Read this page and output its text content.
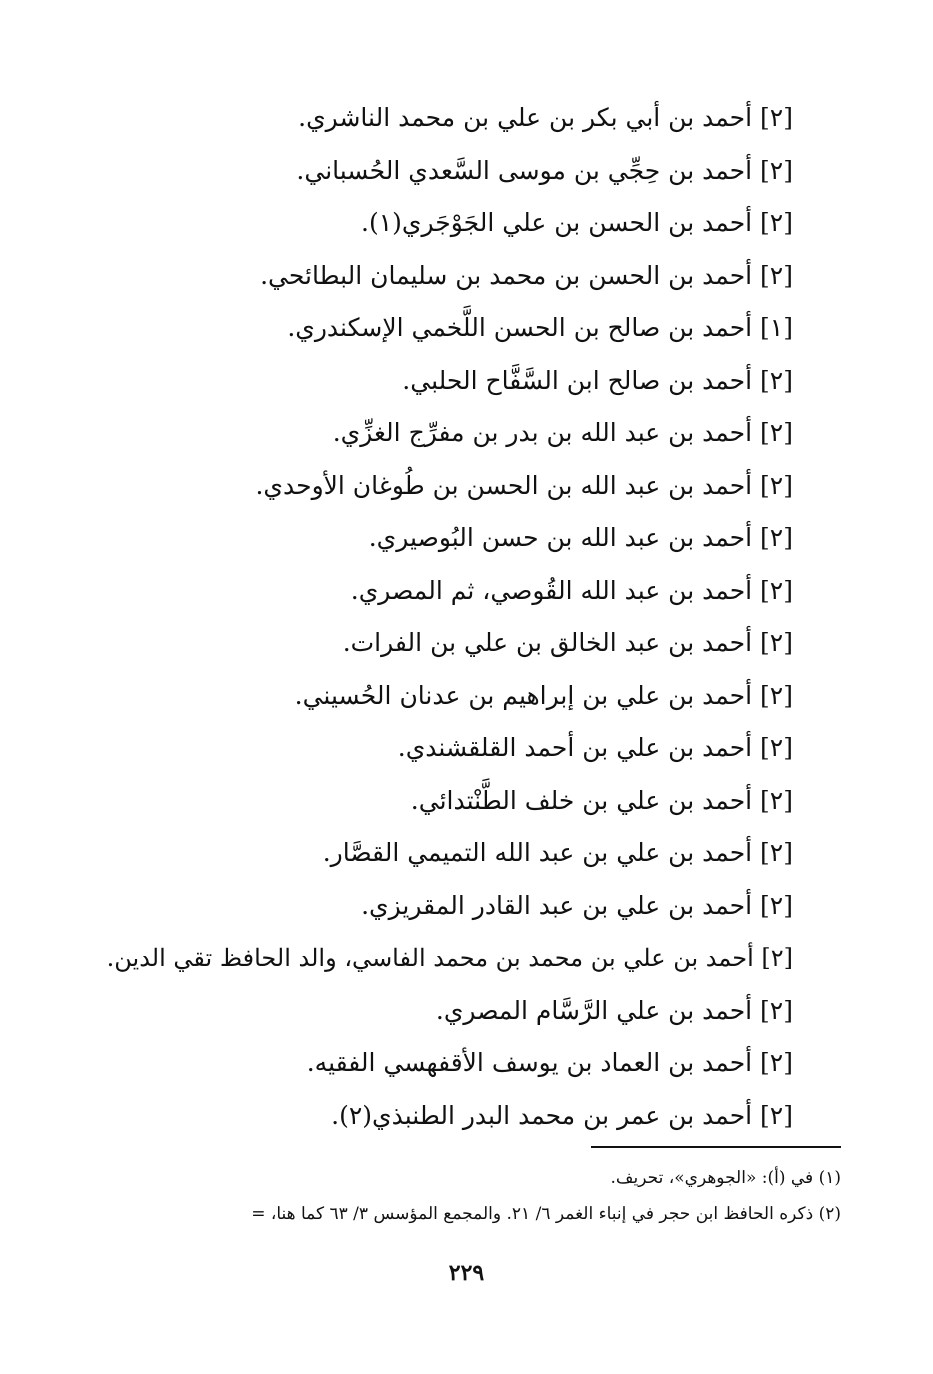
[٢] أحمد بن أبي بكر بن علي بن محمد الناشري.
[٢] أحمد بن حِجِّي بن موسى السَّعدي الحُسباني.
[٢] أحمد بن الحسن بن علي الجَوْجَري(١).
[٢] أحمد بن الحسن بن محمد بن سليمان البطائحي.
[١] أحمد بن صالح بن الحسن اللَّخمي الإسكندري.
[٢] أحمد بن صالح ابن السَّفَّاح الحلبي.
[٢] أحمد بن عبد الله بن بدر بن مفرِّج الغزِّي.
[٢] أحمد بن عبد الله بن الحسن بن طُوغان الأوحدي.
[٢] أحمد بن عبد الله بن حسن البُوصيري.
[٢] أحمد بن عبد الله القُوصي، ثم المصري.
[٢] أحمد بن عبد الخالق بن علي بن الفرات.
[٢] أحمد بن علي بن إبراهيم بن عدنان الحُسيني.
[٢] أحمد بن علي بن أحمد القلقشندي.
[٢] أحمد بن علي بن خلف الطَّنْتدائي.
[٢] أحمد بن علي بن عبد الله التميمي القصَّار.
[٢] أحمد بن علي بن عبد القادر المقريزي.
[٢] أحمد بن علي بن محمد بن محمد الفاسي، والد الحافظ تقي الدين.
[٢] أحمد بن علي الرَّسَّام المصري.
[٢] أحمد بن العماد بن يوسف الأقفهسي الفقيه.
[٢] أحمد بن عمر بن محمد البدر الطنبذي(٢).
(١) في (أ): «الجوهري»، تحريف.
(٢) ذكره الحافظ ابن حجر في إنباء الغمر ٦/ ٢١. والمجمع المؤسس ٣/ ٦٣ كما هنا، =
٢٢٩
